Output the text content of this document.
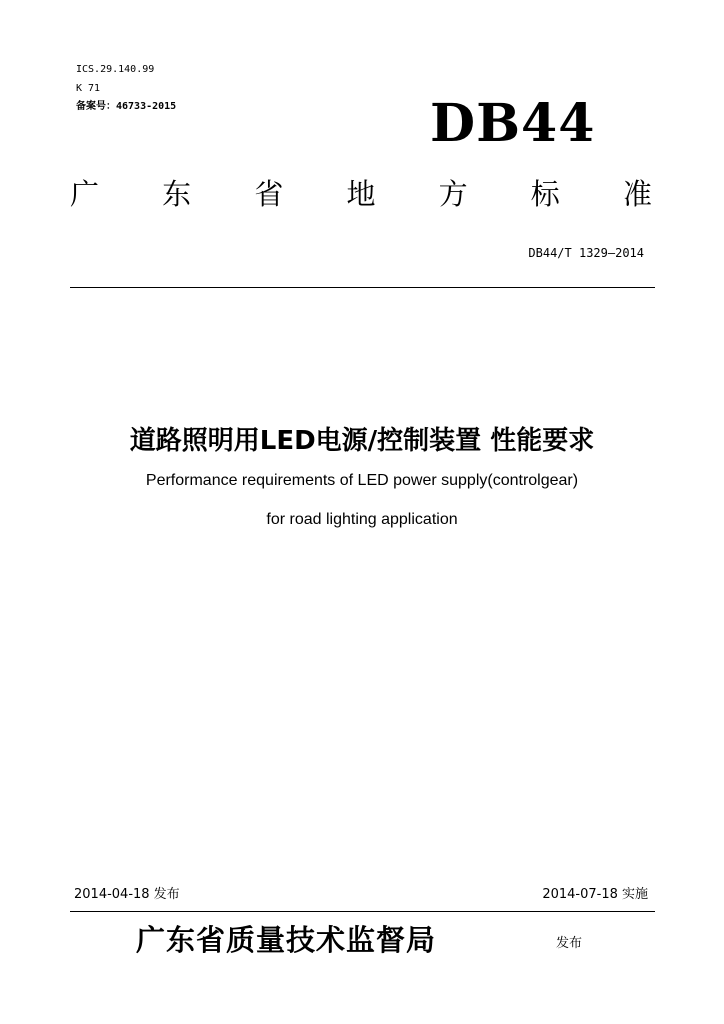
ICS.29.140.99
K 71
备案号：46733-2015	DB44
广 东 省 地 方 标 准
DB44/T 1329—2014
道路照明用LED电源/控制装置 性能要求
Performance requirements of LED power supply(controlgear)
for road lighting application
2014-04-18 发布	2014-07-18 实施
广东省质量技术监督局	发布
